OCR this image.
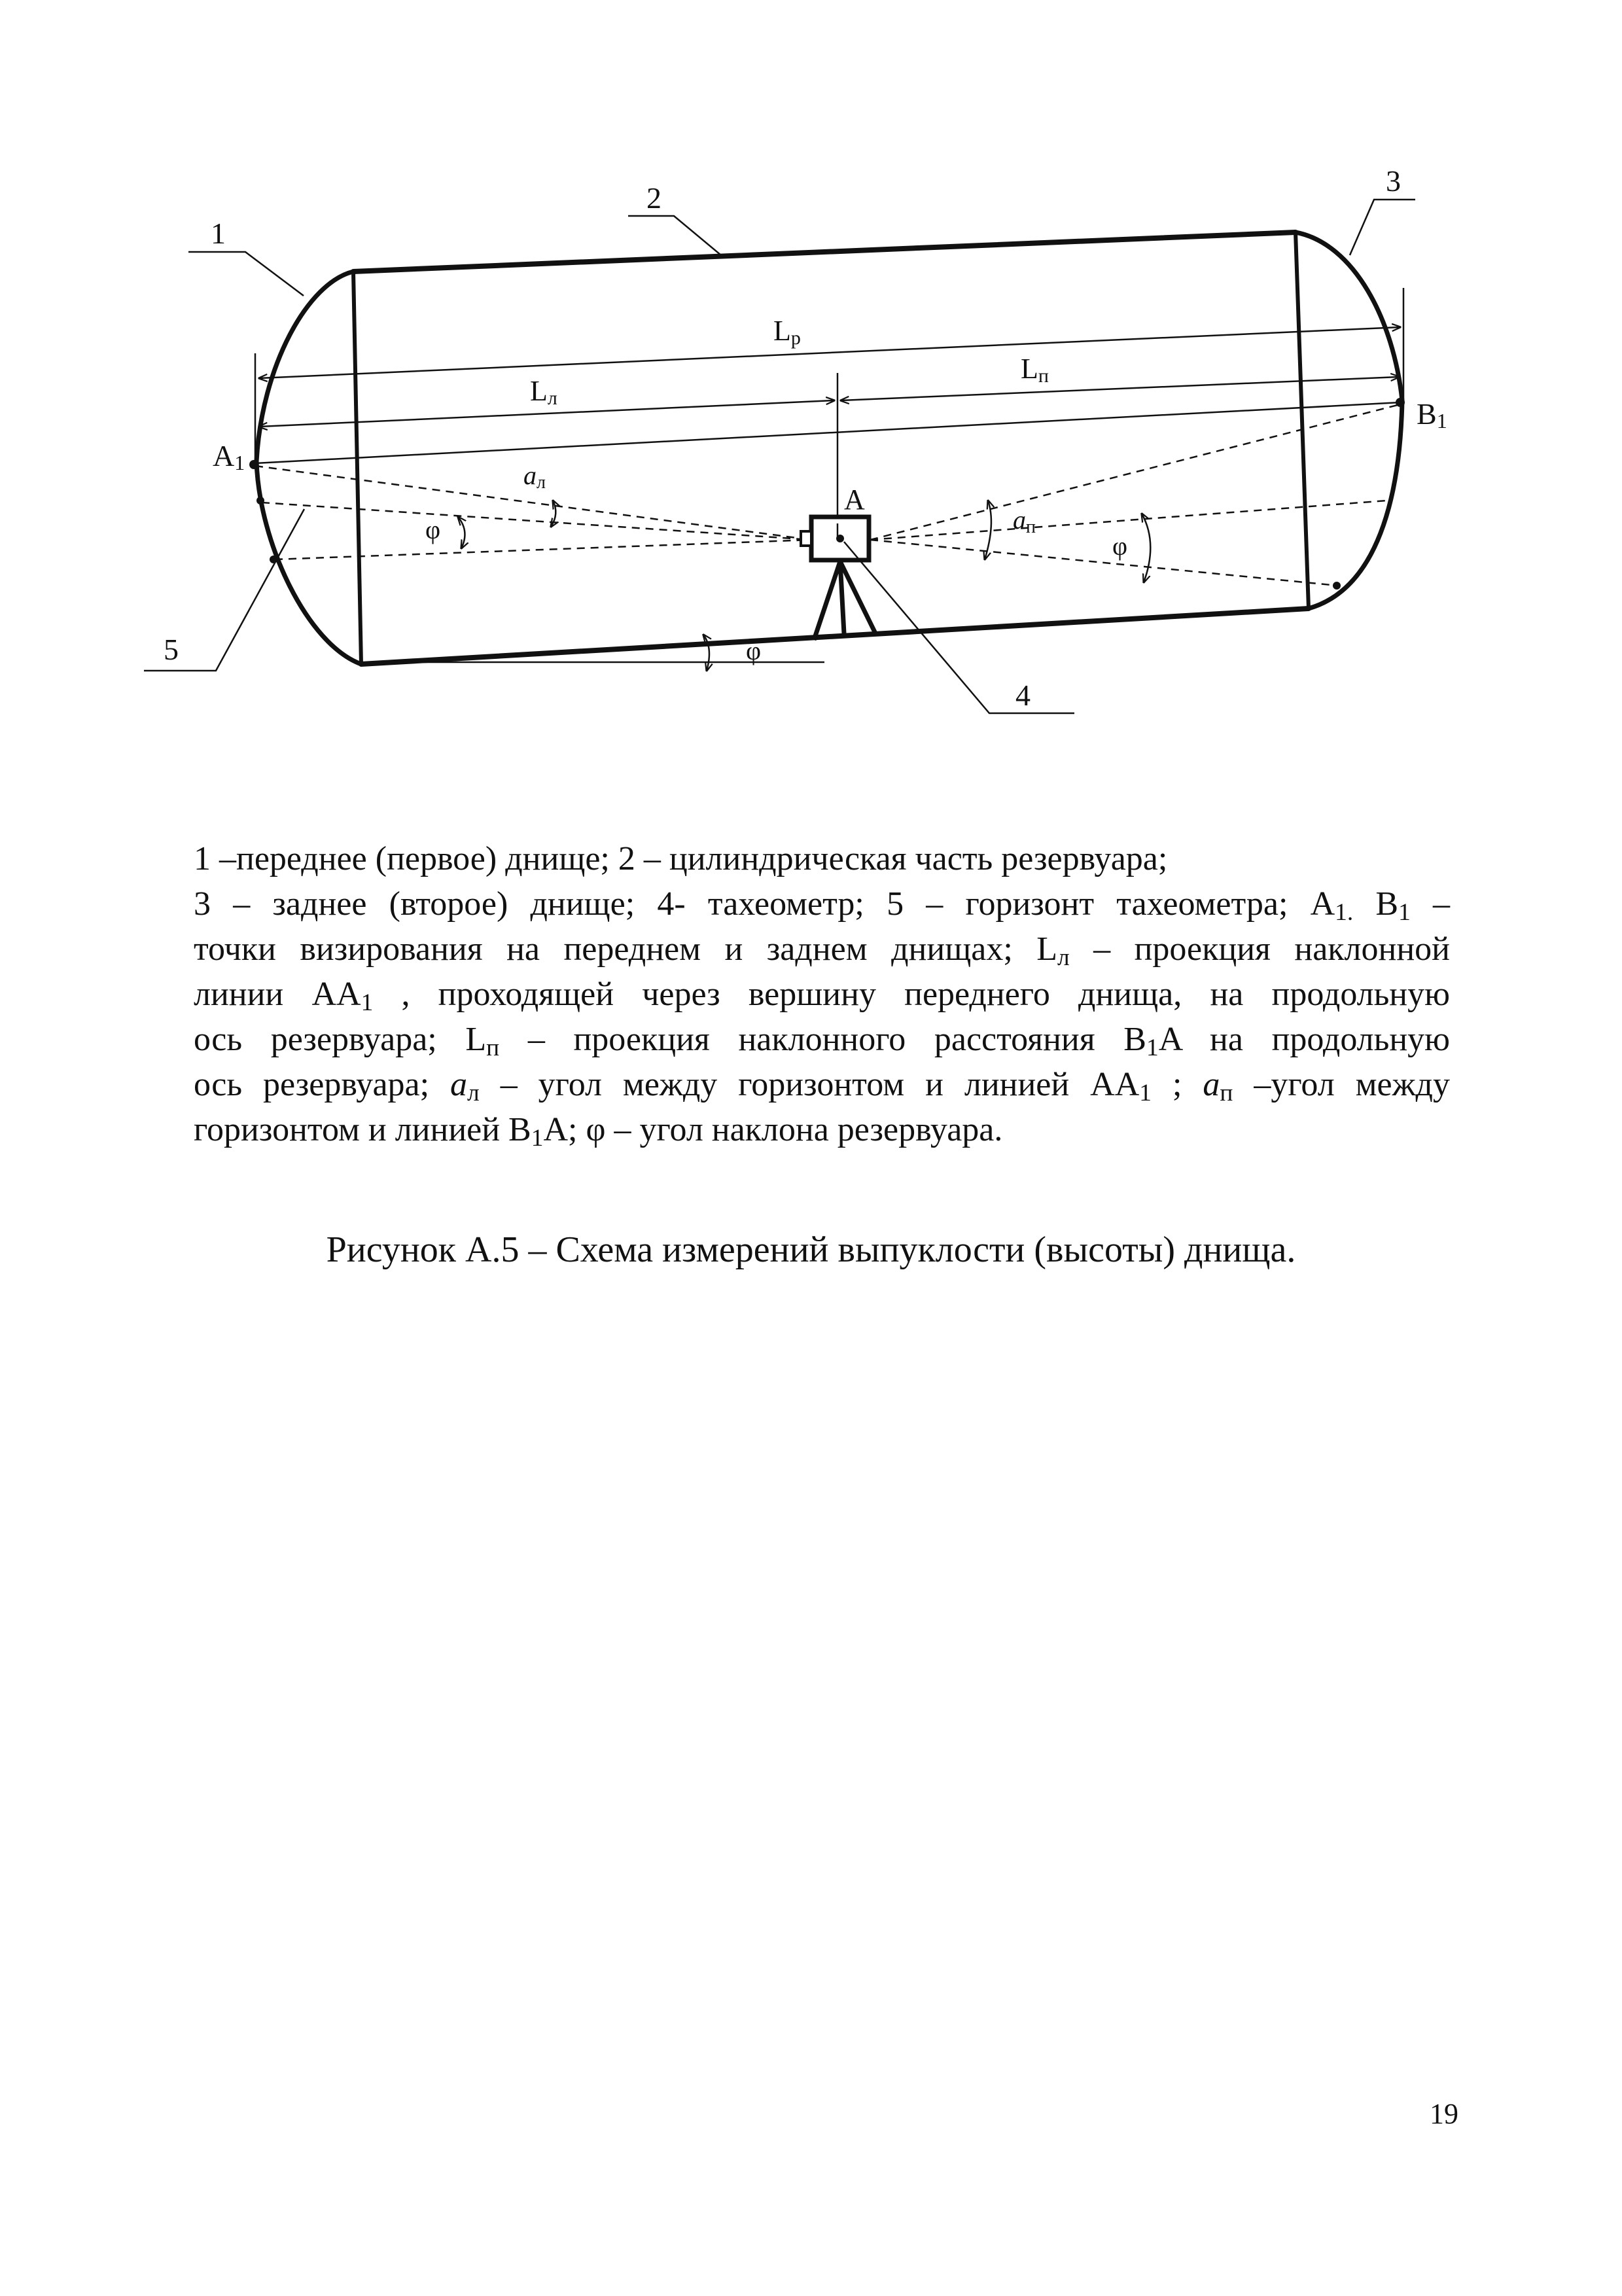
1
2
3
4
5
A1
B1
A
Lр
Lл
Lп
aл
aп
φ
φ
φ
1 –переднее (первое) днище; 2 – цилиндрическая часть резервуара;
3 – заднее (второе) днище; 4- тахеометр; 5 – горизонт тахеометра; $A_{1.}$ $B_1$ –
точки визирования на переднем и заднем днищах; $L_л$ – проекция наклонной
линии $AA_1$ , проходящей через вершину переднего днища, на продольную
ось резервуара; $L_п$ – проекция наклонного расстояния $B_1A$ на продольную
ось резервуара; $a_л$ – угол между горизонтом и линией $AA_1$ ; $a_п$ –угол между
горизонтом и линией $B_1A$; φ – угол наклона резервуара.
Рисунок А.5 – Схема измерений выпуклости (высоты) днища.
19
